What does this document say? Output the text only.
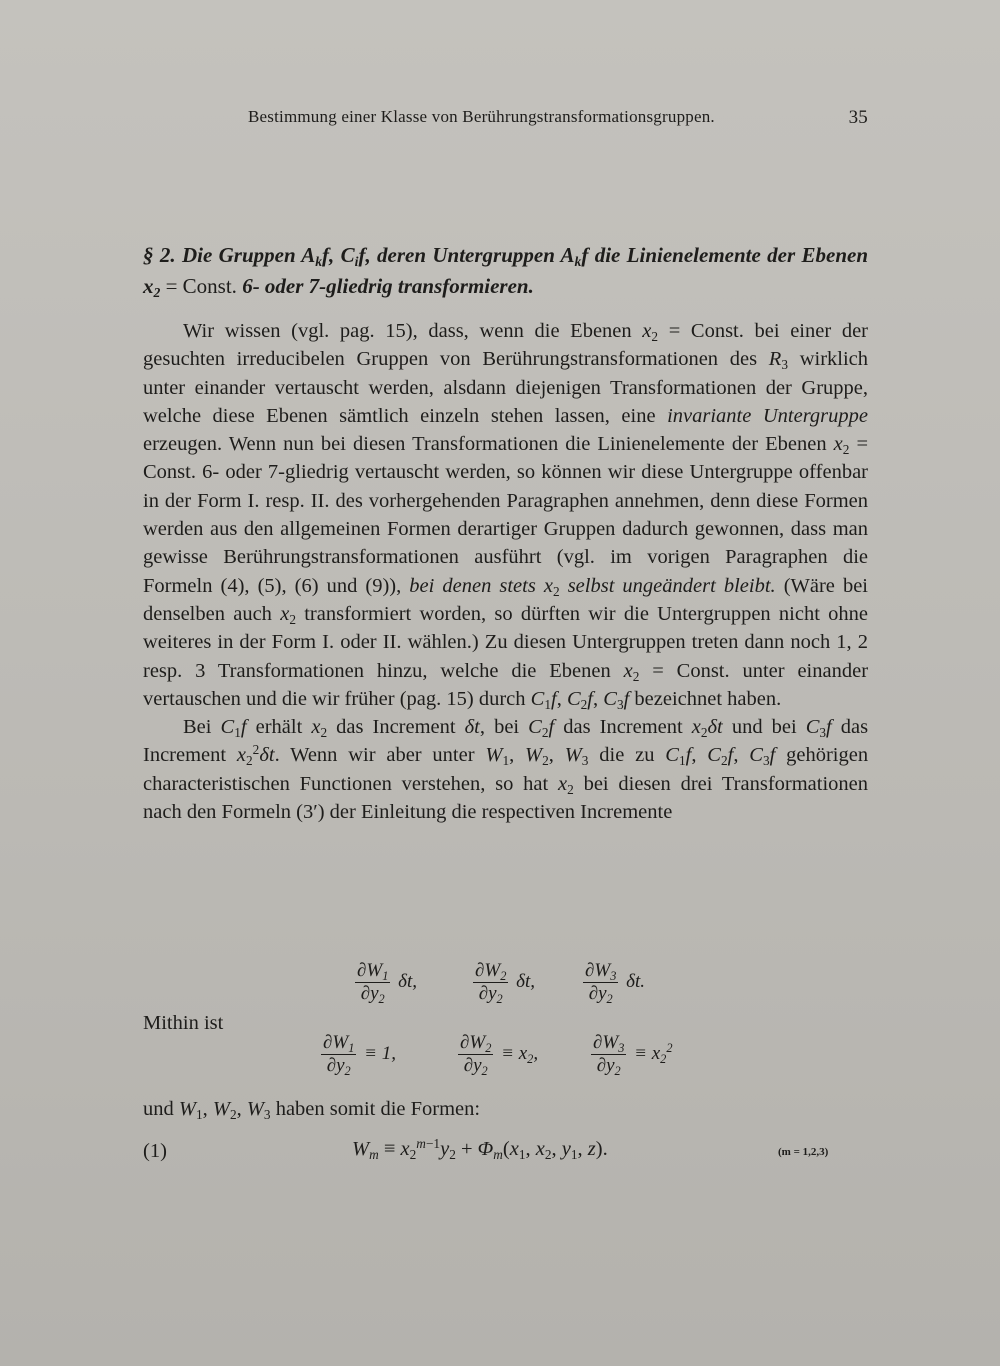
Bestimmung einer Klasse von Berührungstransformationsgruppen.	35
§ 2. Die Gruppen $A_kf$, $C_if$, deren Untergruppen $A_kf$ die Linienelemente der Ebenen $x_2$ = Const. 6- oder 7-gliedrig transformieren.

Wir wissen (vgl. pag. 15), dass, wenn die Ebenen $x_2$ = Const. bei einer der gesuchten irreducibelen Gruppen von Berührungstransformationen des $R_3$ wirklich unter einander vertauscht werden, alsdann diejenigen Transformationen der Gruppe, welche diese Ebenen sämtlich einzeln stehen lassen, eine invariante Untergruppe erzeugen. Wenn nun bei diesen Transformationen die Linienelemente der Ebenen $x_2$ = Const. 6- oder 7-gliedrig vertauscht werden, so können wir diese Untergruppe offenbar in der Form I. resp. II. des vorhergehenden Paragraphen annehmen, denn diese Formen werden aus den allgemeinen Formen derartiger Gruppen dadurch gewonnen, dass man gewisse Berührungstransformationen ausführt (vgl. im vorigen Paragraphen die Formeln (4), (5), (6) und (9)), bei denen stets $x_2$ selbst ungeändert bleibt. (Wäre bei denselben auch $x_2$ transformiert worden, so dürften wir die Untergruppen nicht ohne weiteres in der Form I. oder II. wählen.) Zu diesen Untergruppen treten dann noch 1, 2 resp. 3 Transformationen hinzu, welche die Ebenen $x_2$ = Const. unter einander vertauschen und die wir früher (pag. 15) durch $C_1f$, $C_2f$, $C_3f$ bezeichnet haben.

Bei $C_1f$ erhält $x_2$ das Increment δt, bei $C_2f$ das Increment $x_2\delta t$ und bei $C_3f$ das Increment $x_2^2\delta t$. Wenn wir aber unter $W_1$, $W_2$, $W_3$ die zu $C_1f$, $C_2f$, $C_3f$ gehörigen characteristischen Functionen verstehen, so hat $x_2$ bei diesen drei Transformationen nach den Formeln (3′) der Einleitung die respectiven Incremente

$\frac{\partial W_1}{\partial y_2} \delta t$,	$\frac{\partial W_2}{\partial y_2} \delta t$,	$\frac{\partial W_3}{\partial y_2} \delta t$.
Mithin ist
$\frac{\partial W_1}{\partial y_2} \equiv 1$,	$\frac{\partial W_2}{\partial y_2} \equiv x_2$,	$\frac{\partial W_3}{\partial y_2} \equiv x_2^2$
und $W_1$, $W_2$, $W_3$ haben somit die Formen:
(1)	$W_m \equiv x_2^{m-1}y_2 + \Phi_m(x_1$, $x_2$, $y_1$, z).	(m = 1,2,3)
